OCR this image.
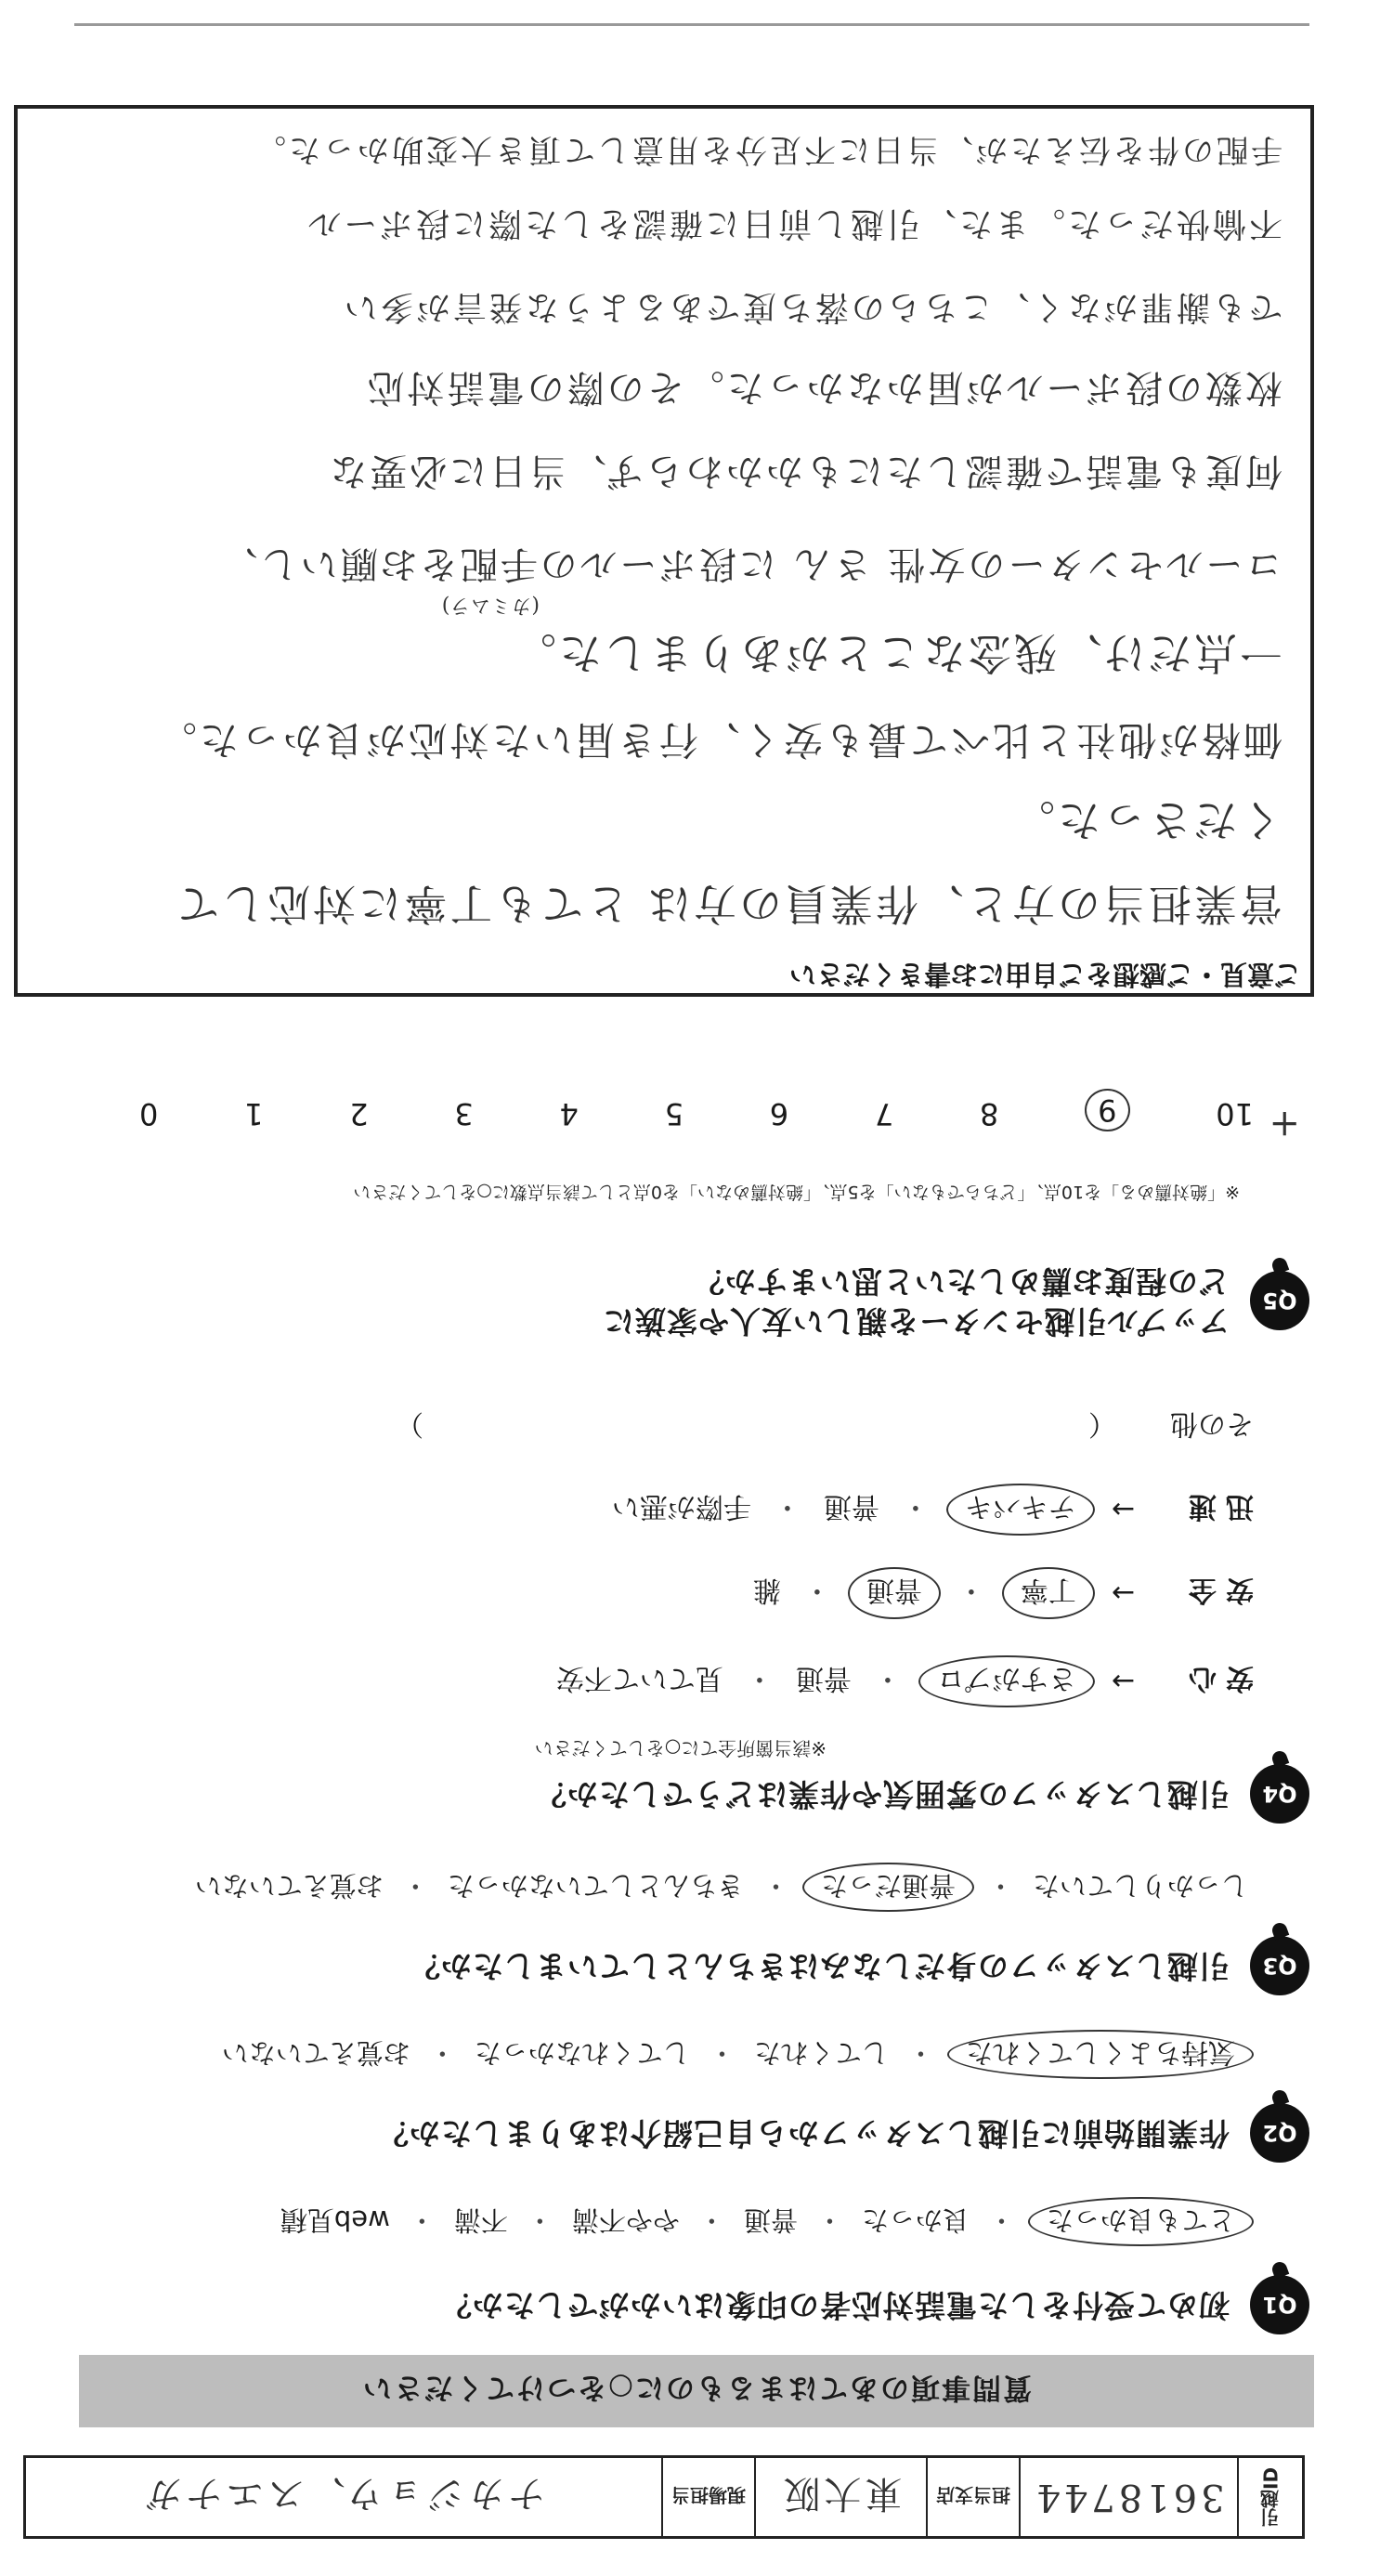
引越ID
3618744
担当支店
東大阪
現場担当
ナカジョウ、スエナガ
質問事項のあてはまるものに○をつけてください
Q1
初めて受付をした電話対応者の印象はいかがでしたか？
とても良かった
・
良かった
・
普通
・
やや不満
・
不満
・
web見積
Q2
作業開始前に引越しスタッフから自己紹介はありましたか？
気持ちよくしてくれた
・
してくれた
・
してくれなかった
・
お覚えていない
Q3
引越しスタッフの身だしなみはきちんとしていましたか？
しっかりしていた
・
普通だった
・
きちんとしていなかった
・
お覚えていない
Q4
引越しスタッフの雰囲気や作業はどうでしたか？
※該当箇所全てに○をしてください
安心
→
さすがプロ
・
普通
・
見ていて不安
安全
→
丁寧
・
普通
・
雑
迅速
→
テキパキ
・
普通
・
手際が悪い
その他
（
）
Q5
アップル引越センターを親しい友人や家族に
どの程度お薦めしたいと思いますか？
※「絶対薦める」を10点、「どちらでもない」を5点、「絶対薦めない」を0点として該当点数に○をしてください
10
9
8
7
6
5
4
3
2
1
0	+
ご意見・ご感想をご自由にお書きください
営業担当の方と、作業員の方は とても丁寧に対応して
くださった。
価格が他社と比べて最も安く、行き届いた対応が良かった。
一点だけ、残念なことがありました。
(カミムラ)
コールセンターの女性 さん に段ボールの手配をお願いし、
何度も電話で確認したにもかかわらず、当日に必要な
枚数の段ボールが届かなかった。その際の電話対応
でも謝罪がなく、こちらの落ち度であるような発言が多い
不愉快だった。また、引越し前日に確認をした際に段ボール
手配の件を伝えたが、当日に不足分を用意して頂き大変助かった。
